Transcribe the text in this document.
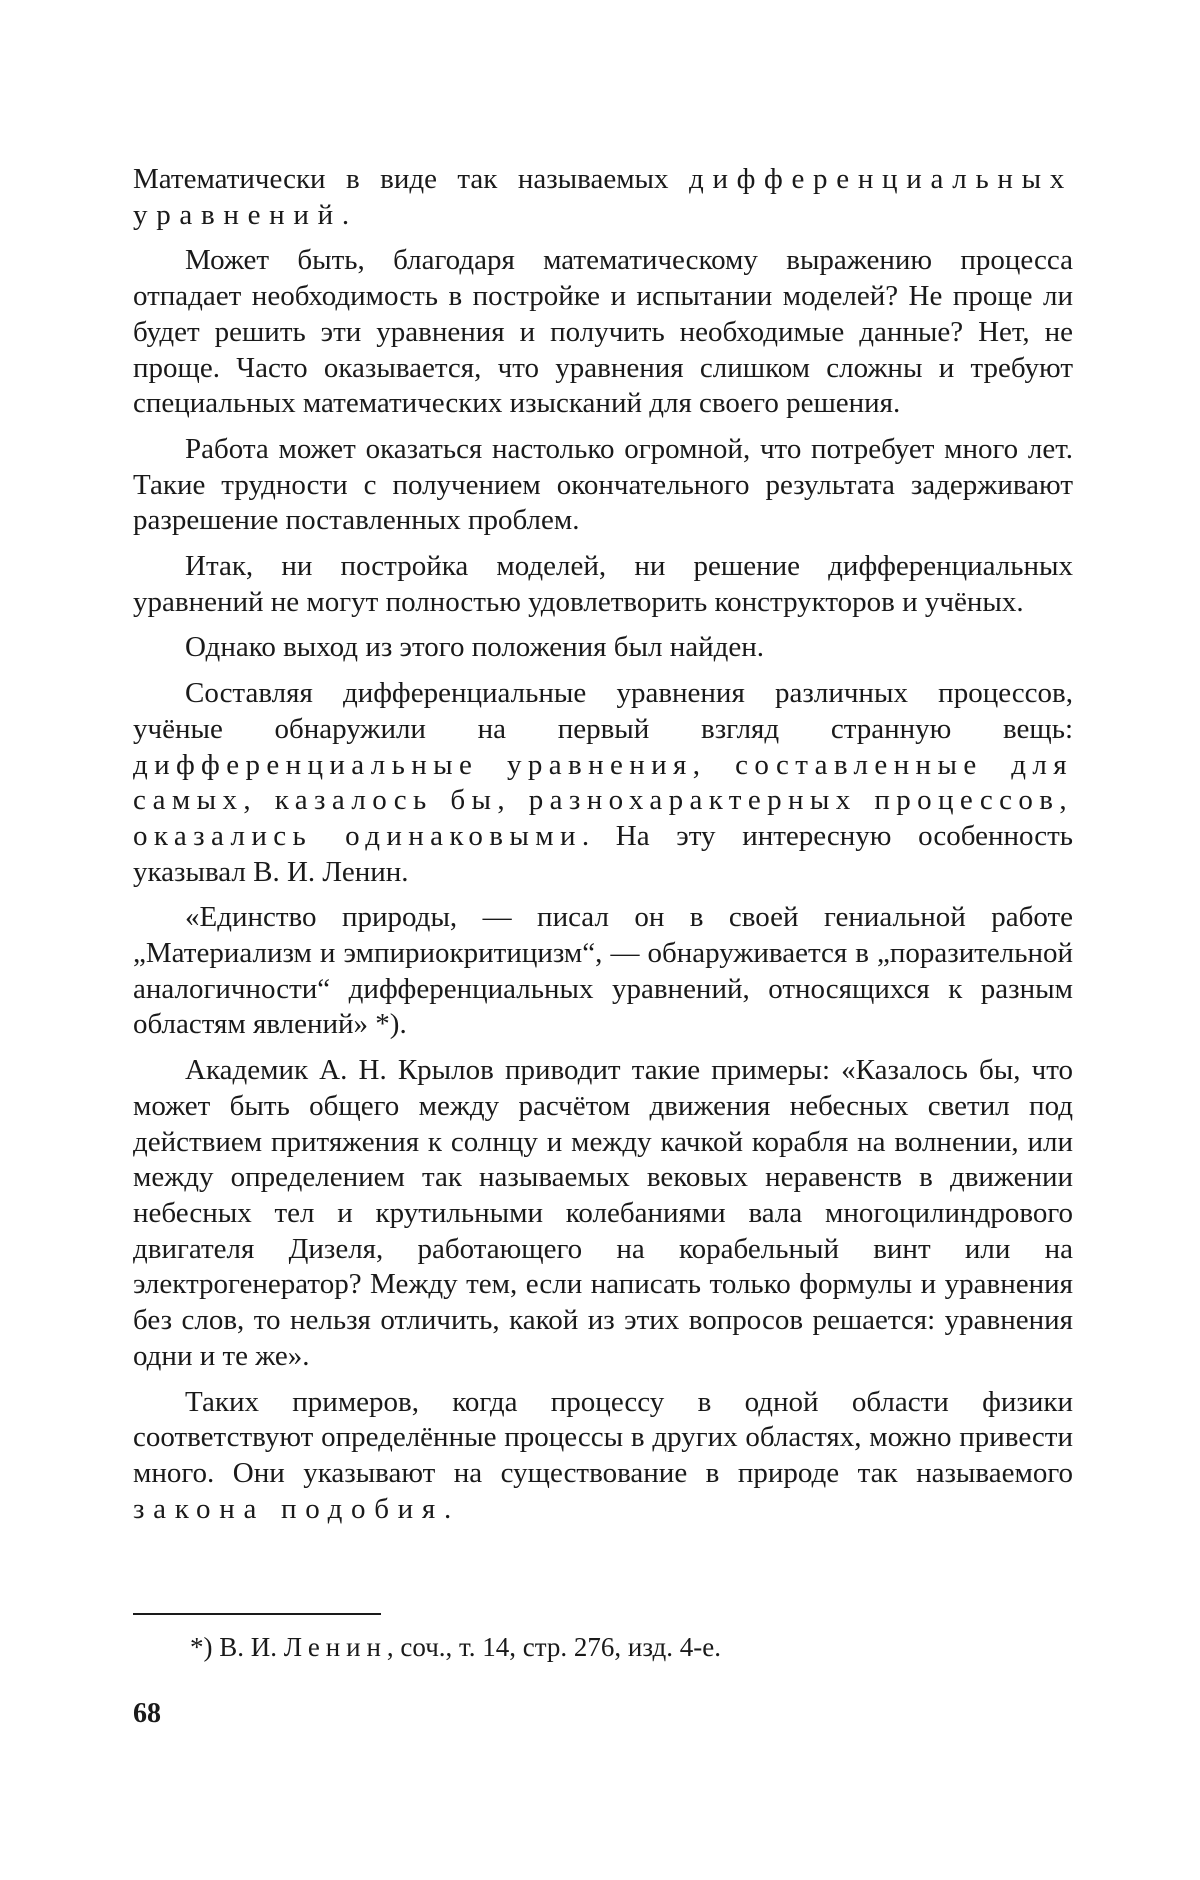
Математически в виде так называемых дифференциальных уравнений.

Может быть, благодаря математическому выражению процесса отпадает необходимость в постройке и испытании моделей? Не проще ли будет решить эти уравнения и получить необходимые данные? Нет, не проще. Часто оказывается, что уравнения слишком сложны и требуют специальных математических изысканий для своего решения.

Работа может оказаться настолько огромной, что потребует много лет. Такие трудности с получением окончательного результата задерживают разрешение поставленных проблем.

Итак, ни постройка моделей, ни решение дифференциальных уравнений не могут полностью удовлетворить конструкторов и учёных.

Однако выход из этого положения был найден.

Составляя дифференциальные уравнения различных процессов, учёные обнаружили на первый взгляд странную вещь: дифференциальные уравнения, составленные для самых, казалось бы, разнохарактерных процессов, оказались одинаковыми. На эту интересную особенность указывал В. И. Ленин.

«Единство природы, — писал он в своей гениальной работе „Материализм и эмпириокритицизм“, — обнаруживается в „поразительной аналогичности“ дифференциальных уравнений, относящихся к разным областям явлений» *).

Академик А. Н. Крылов приводит такие примеры: «Казалось бы, что может быть общего между расчётом движения небесных светил под действием притяжения к солнцу и между качкой корабля на волнении, или между определением так называемых вековых неравенств в движении небесных тел и крутильными колебаниями вала многоцилиндрового двигателя Дизеля, работающего на корабельный винт или на электрогенератор? Между тем, если написать только формулы и уравнения без слов, то нельзя отличить, какой из этих вопросов решается: уравнения одни и те же».

Таких примеров, когда процессу в одной области физики соответствуют определённые процессы в других областях, можно привести много. Они указывают на существование в природе так называемого закона подобия.

*) В. И. Ленин, соч., т. 14, стр. 276, изд. 4-е.
68
